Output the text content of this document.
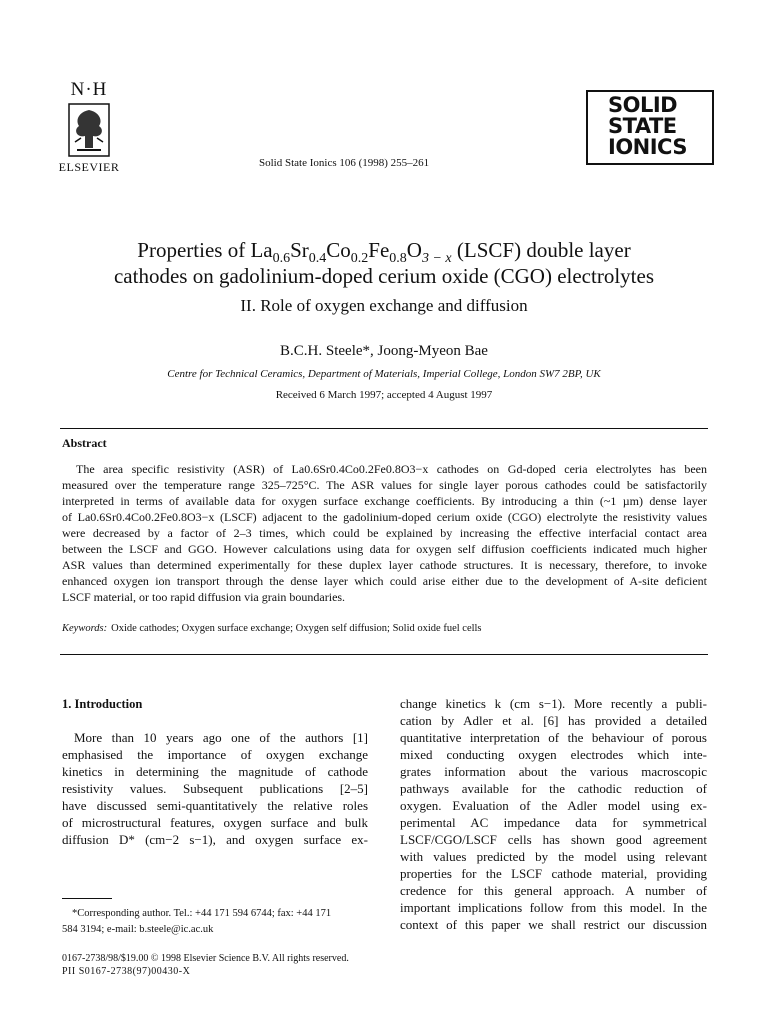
N·H
ELSEVIER	Solid State Ionics 106 (1998) 255–261
SOLID
STATE
IONICS
Properties of $La_{0.6}Sr_{0.4}Co_{0.2}Fe_{0.8}O_{3 - x}$ (LSCF) double layer
cathodes on gadolinium-doped cerium oxide (CGO) electrolytes
II. Role of oxygen exchange and diffusion
B.C.H. Steele*, Joong-Myeon Bae
Centre for Technical Ceramics, Department of Materials, Imperial College, London SW7 2BP, UK
Received 6 March 1997; accepted 4 August 1997
Abstract
The area specific resistivity (ASR) of La0.6Sr0.4Co0.2Fe0.8O3−x cathodes on Gd-doped ceria electrolytes has been
measured over the temperature range 325–725°C. The ASR values for single layer porous cathodes could be satisfactorily
interpreted in terms of available data for oxygen surface exchange coefficients. By introducing a thin (~1 µm) dense layer
of La0.6Sr0.4Co0.2Fe0.8O3−x (LSCF) adjacent to the gadolinium-doped cerium oxide (CGO) electrolyte the resistivity values
were decreased by a factor of 2–3 times, which could be explained by increasing the effective interfacial contact area
between the LSCF and GGO. However calculations using data for oxygen self diffusion coefficients indicated much higher
ASR values than determined experimentally for these duplex layer cathode structures. It is necessary, therefore, to invoke
enhanced oxygen ion transport through the dense layer which could arise either due to the development of A-site deficient
LSCF material, or too rapid diffusion via grain boundaries.
Keywords: Oxide cathodes; Oxygen surface exchange; Oxygen self diffusion; Solid oxide fuel cells
1. Introduction
More than 10 years ago one of the authors [1]
emphasised the importance of oxygen exchange
kinetics in determining the magnitude of cathode
resistivity values. Subsequent publications [2–5]
have discussed semi-quantitatively the relative roles
of microstructural features, oxygen surface and bulk
diffusion D* (cm−2 s−1), and oxygen surface ex-
change kinetics k (cm s−1). More recently a publi-
cation by Adler et al. [6] has provided a detailed
quantitative interpretation of the behaviour of porous
mixed conducting oxygen electrodes which inte-
grates information about the various macroscopic
pathways available for the cathodic reduction of
oxygen. Evaluation of the Adler model using ex-
perimental AC impedance data for symmetrical
LSCF/CGO/LSCF cells has shown good agreement
with values predicted by the model using relevant
properties for the LSCF cathode material, providing
credence for this general approach. A number of
important implications follow from this model. In the
context of this paper we shall restrict our discussion
*Corresponding author. Tel.: +44 171 594 6744; fax: +44 171
584 3194; e-mail: b.steele@ic.ac.uk
0167-2738/98/$19.00 © 1998 Elsevier Science B.V. All rights reserved.
PII S0167-2738(97)00430-X
